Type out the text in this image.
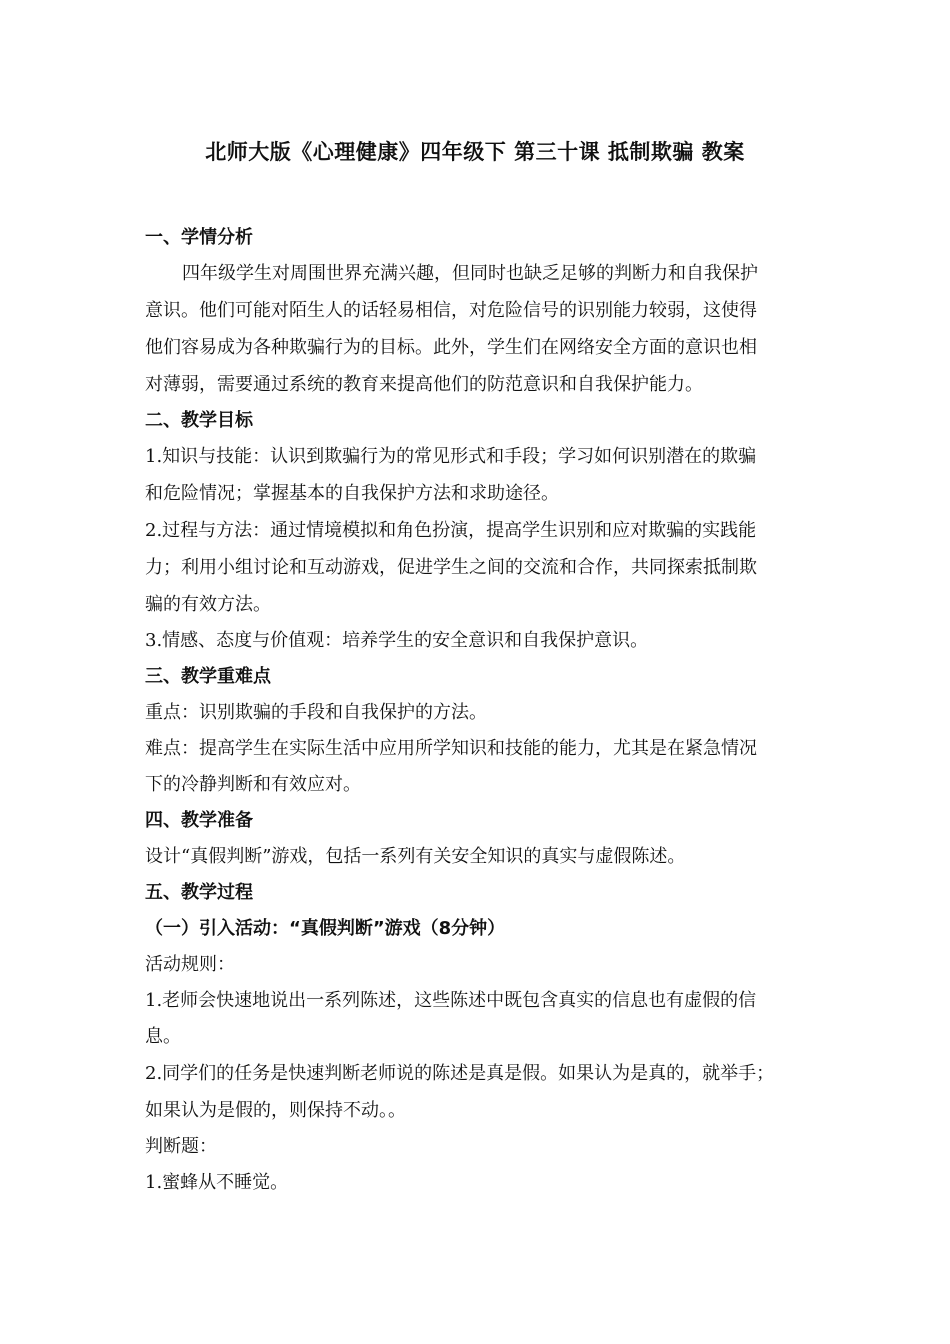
北师大版《心理健康》四年级下 第三十课 抵制欺骗 教案
一、学情分析
四年级学生对周围世界充满兴趣，但同时也缺乏足够的判断力和自我保护
意识。他们可能对陌生人的话轻易相信，对危险信号的识别能力较弱，这使得
他们容易成为各种欺骗行为的目标。此外，学生们在网络安全方面的意识也相
对薄弱，需要通过系统的教育来提高他们的防范意识和自我保护能力。
二、教学目标
1.知识与技能：认识到欺骗行为的常见形式和手段；学习如何识别潜在的欺骗
和危险情况；掌握基本的自我保护方法和求助途径。
2.过程与方法：通过情境模拟和角色扮演，提高学生识别和应对欺骗的实践能
力；利用小组讨论和互动游戏，促进学生之间的交流和合作，共同探索抵制欺
骗的有效方法。
3.情感、态度与价值观：培养学生的安全意识和自我保护意识。
三、教学重难点
重点：识别欺骗的手段和自我保护的方法。
难点：提高学生在实际生活中应用所学知识和技能的能力，尤其是在紧急情况
下的冷静判断和有效应对。
四、教学准备
设计“真假判断”游戏，包括一系列有关安全知识的真实与虚假陈述。
五、教学过程
（一）引入活动：“真假判断”游戏（8分钟）
活动规则：
1.老师会快速地说出一系列陈述，这些陈述中既包含真实的信息也有虚假的信
息。
2.同学们的任务是快速判断老师说的陈述是真是假。如果认为是真的，就举手；
如果认为是假的，则保持不动。。
判断题：
1.蜜蜂从不睡觉。
